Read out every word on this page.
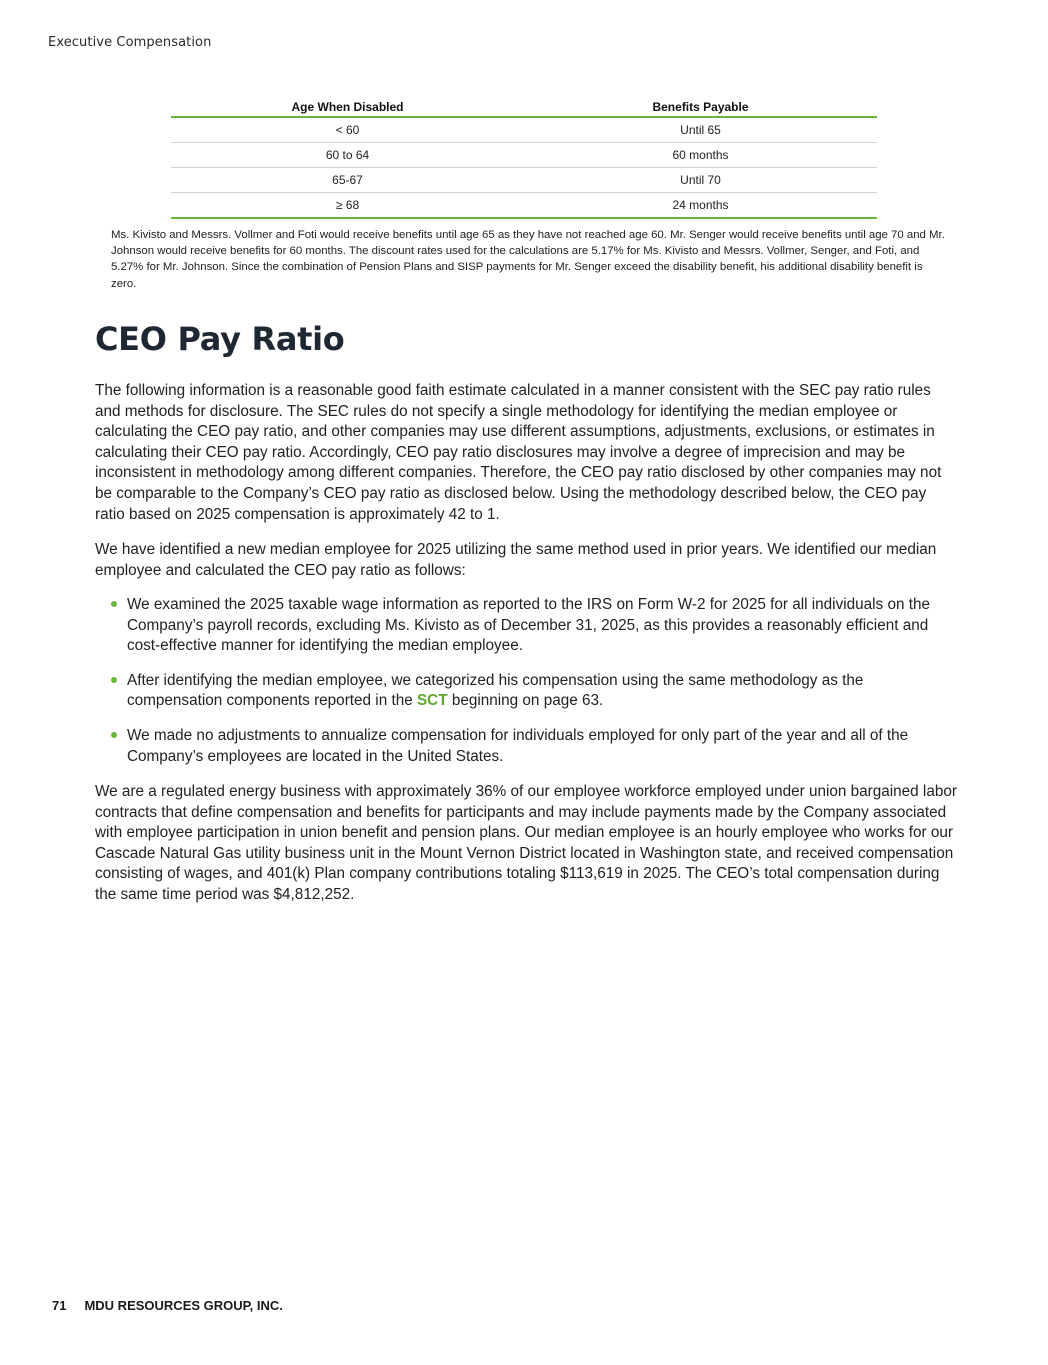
Executive Compensation
Age When Disabled	Benefits Payable
< 60	Until 65
60 to 64	60 months
65-67	Until 70
≥ 68	24 months
Ms. Kivisto and Messrs. Vollmer and Foti would receive benefits until age 65 as they have not reached age 60. Mr. Senger would receive benefits until age 70 and Mr. Johnson would receive benefits for 60 months. The discount rates used for the calculations are 5.17% for Ms. Kivisto and Messrs. Vollmer, Senger, and Foti, and 5.27% for Mr. Johnson. Since the combination of Pension Plans and SISP payments for Mr. Senger exceed the disability benefit, his additional disability benefit is zero.
CEO Pay Ratio

The following information is a reasonable good faith estimate calculated in a manner consistent with the SEC pay ratio rules and methods for disclosure. The SEC rules do not specify a single methodology for identifying the median employee or calculating the CEO pay ratio, and other companies may use different assumptions, adjustments, exclusions, or estimates in calculating their CEO pay ratio. Accordingly, CEO pay ratio disclosures may involve a degree of imprecision and may be inconsistent in methodology among different companies. Therefore, the CEO pay ratio disclosed by other companies may not be comparable to the Company’s CEO pay ratio as disclosed below. Using the methodology described below, the CEO pay ratio based on 2025 compensation is approximately 42 to 1.

We have identified a new median employee for 2025 utilizing the same method used in prior years. We identified our median employee and calculated the CEO pay ratio as follows:

We examined the 2025 taxable wage information as reported to the IRS on Form W-2 for 2025 for all individuals on the Company’s payroll records, excluding Ms. Kivisto as of December 31, 2025, as this provides a reasonably efficient and cost-effective manner for identifying the median employee.
After identifying the median employee, we categorized his compensation using the same methodology as the compensation components reported in the SCT beginning on page 63.
We made no adjustments to annualize compensation for individuals employed for only part of the year and all of the Company’s employees are located in the United States.

We are a regulated energy business with approximately 36% of our employee workforce employed under union bargained labor contracts that define compensation and benefits for participants and may include payments made by the Company associated with employee participation in union benefit and pension plans. Our median employee is an hourly employee who works for our Cascade Natural Gas utility business unit in the Mount Vernon District located in Washington state, and received compensation consisting of wages, and 401(k) Plan company contributions totaling $113,619 in 2025. The CEO’s total compensation during the same time period was $4,812,252.

71 MDU RESOURCES GROUP, INC.
